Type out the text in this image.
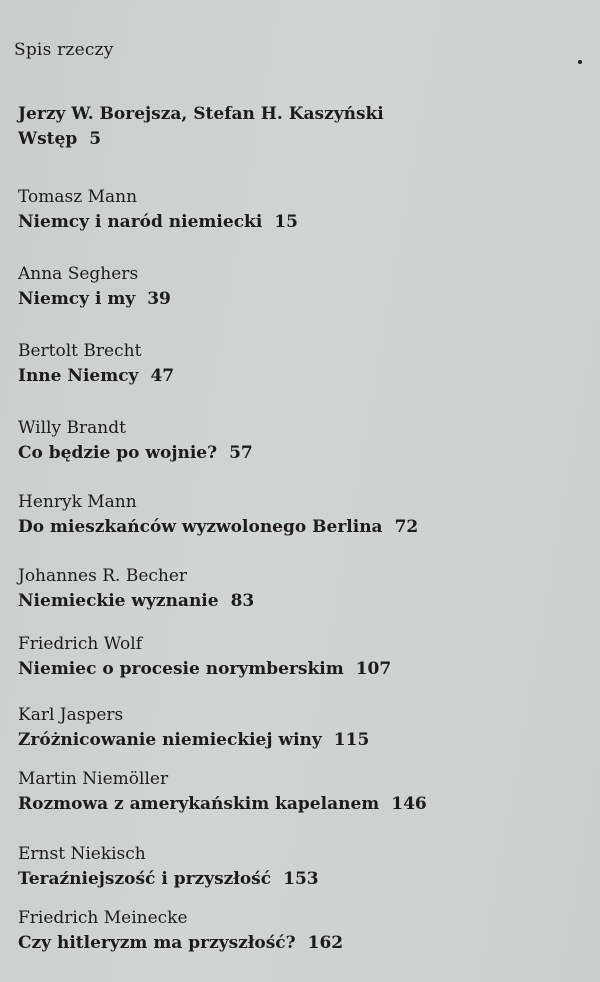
Spis rzeczy
Jerzy W. Borejsza, Stefan H. Kaszyński
Wstęp 5
Tomasz Mann
Niemcy i naród niemiecki 15
Anna Seghers
Niemcy i my 39
Bertolt Brecht
Inne Niemcy 47
Willy Brandt
Co będzie po wojnie? 57
Henryk Mann
Do mieszkańców wyzwolonego Berlina 72
Johannes R. Becher
Niemieckie wyznanie 83
Friedrich Wolf
Niemiec o procesie norymberskim 107
Karl Jaspers
Zróżnicowanie niemieckiej winy 115
Martin Niemöller
Rozmowa z amerykańskim kapelanem 146
Ernst Niekisch
Teraźniejszość i przyszłość 153
Friedrich Meinecke
Czy hitleryzm ma przyszłość? 162
